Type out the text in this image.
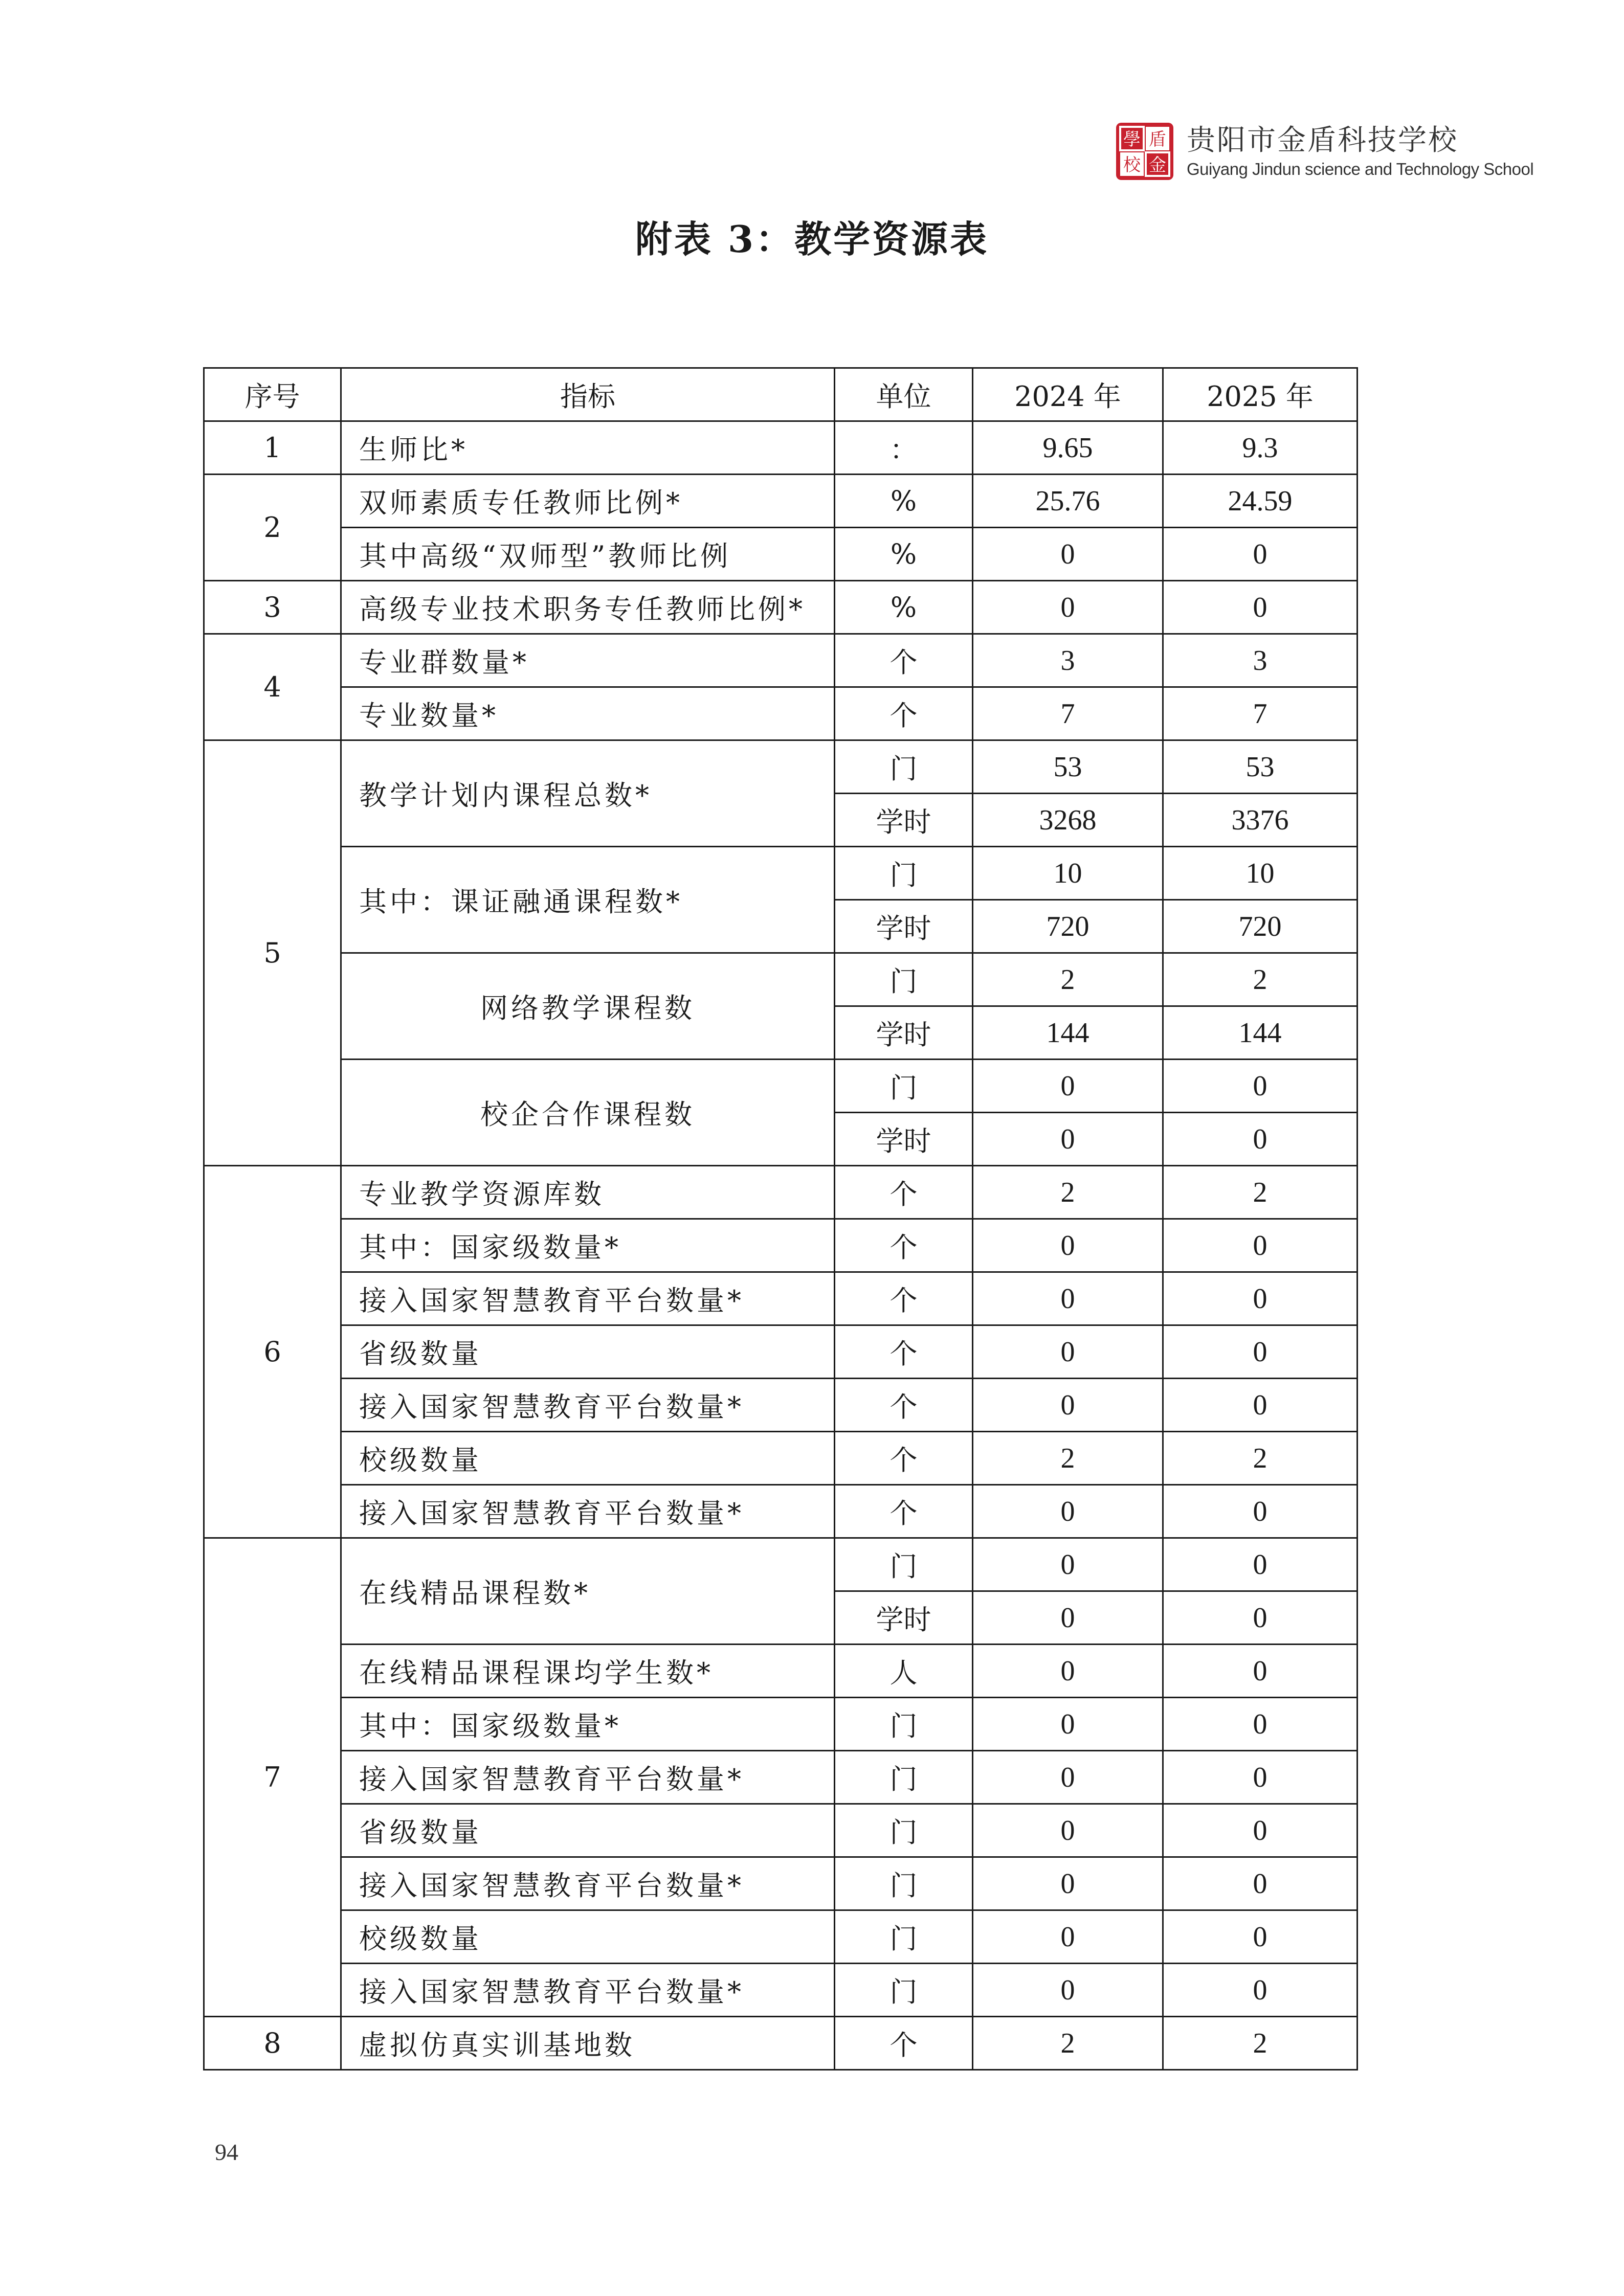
學 盾
校 金
贵阳市金盾科技学校
Guiyang Jindun science and Technology School
附表 3：教学资源表
序号	指标	单位	2024 年	2025 年
1	生师比*	：	9.65	9.3
2	双师素质专任教师比例*	%	25.76	24.59
	其中高级“双师型”教师比例	%	0	0
3	高级专业技术职务专任教师比例*	%	0	0
4	专业群数量*	个	3	3
	专业数量*	个	7	7
5	教学计划内课程总数*	门	53	53
		学时	3268	3376
	其中：课证融通课程数*	门	10	10
		学时	720	720
	网络教学课程数	门	2	2
		学时	144	144
	校企合作课程数	门	0	0
		学时	0	0
6	专业教学资源库数	个	2	2
	其中：国家级数量*	个	0	0
	接入国家智慧教育平台数量*	个	0	0
	省级数量	个	0	0
	接入国家智慧教育平台数量*	个	0	0
	校级数量	个	2	2
	接入国家智慧教育平台数量*	个	0	0
7	在线精品课程数*	门	0	0
		学时	0	0
	在线精品课程课均学生数*	人	0	0
	其中：国家级数量*	门	0	0
	接入国家智慧教育平台数量*	门	0	0
	省级数量	门	0	0
	接入国家智慧教育平台数量*	门	0	0
	校级数量	门	0	0
	接入国家智慧教育平台数量*	门	0	0
8	虚拟仿真实训基地数	个	2	2
94
